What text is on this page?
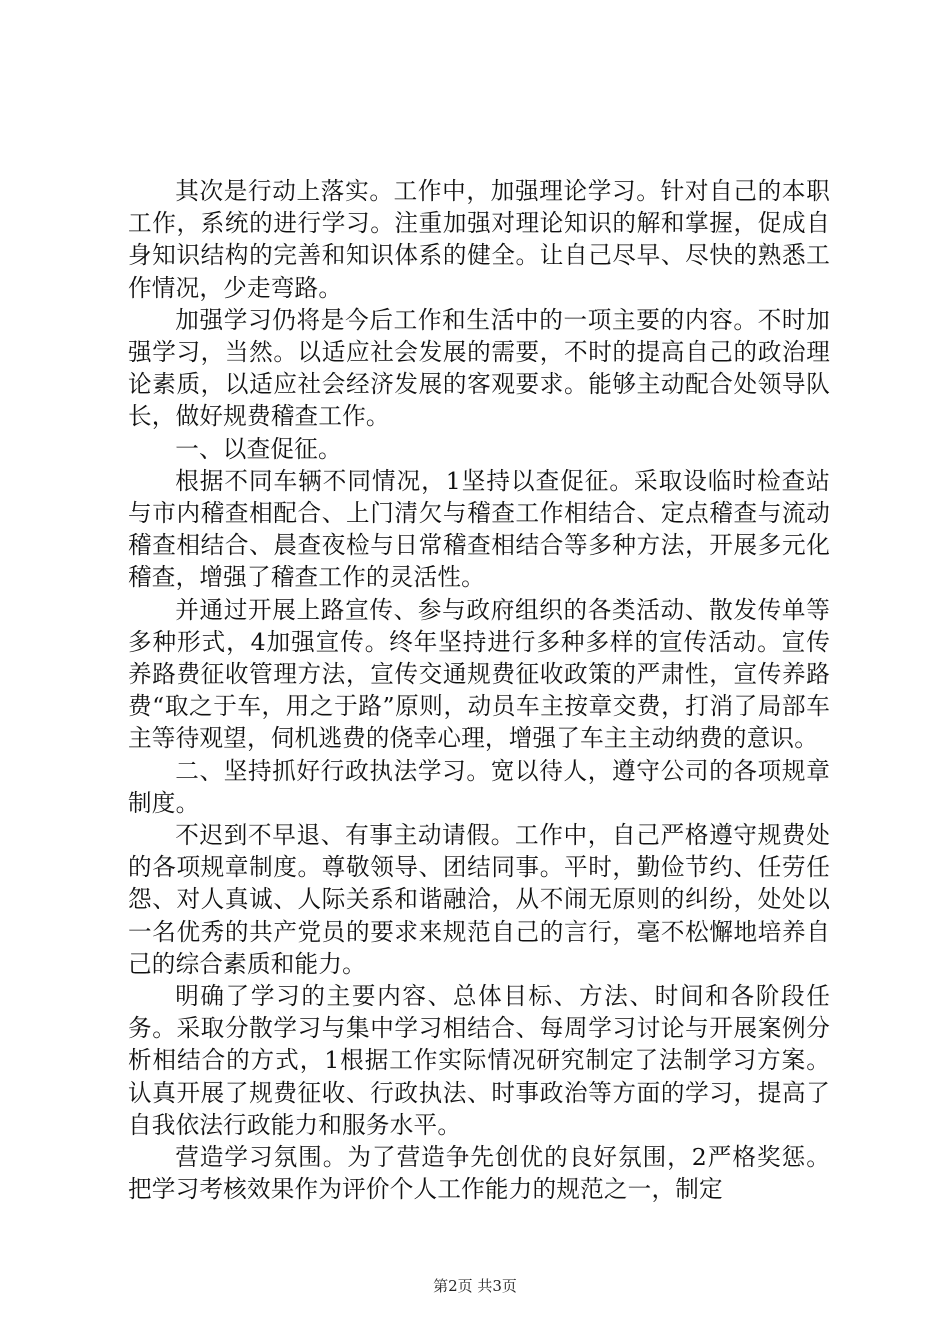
其次是行动上落实。工作中，加强理论学习。针对自己的本职工作，系统的进行学习。注重加强对理论知识的解和掌握，促成自身知识结构的完善和知识体系的健全。让自己尽早、尽快的熟悉工作情况，少走弯路。

加强学习仍将是今后工作和生活中的一项主要的内容。不时加强学习，当然。以适应社会发展的需要，不时的提高自己的政治理论素质，以适应社会经济发展的客观要求。能够主动配合处领导队长，做好规费稽查工作。

一、以查促征。

根据不同车辆不同情况，1坚持以查促征。采取设临时检查站与市内稽查相配合、上门清欠与稽查工作相结合、定点稽查与流动稽查相结合、晨查夜检与日常稽查相结合等多种方法，开展多元化稽查，增强了稽查工作的灵活性。

并通过开展上路宣传、参与政府组织的各类活动、散发传单等多种形式，4加强宣传。终年坚持进行多种多样的宣传活动。宣传养路费征收管理方法，宣传交通规费征收政策的严肃性，宣传养路费“取之于车，用之于路”原则，动员车主按章交费，打消了局部车主等待观望，伺机逃费的侥幸心理，增强了车主主动纳费的意识。

二、坚持抓好行政执法学习。宽以待人，遵守公司的各项规章制度。

不迟到不早退、有事主动请假。工作中，自己严格遵守规费处的各项规章制度。尊敬领导、团结同事。平时，勤俭节约、任劳任怨、对人真诚、人际关系和谐融洽，从不闹无原则的纠纷，处处以一名优秀的共产党员的要求来规范自己的言行，毫不松懈地培养自己的综合素质和能力。

明确了学习的主要内容、总体目标、方法、时间和各阶段任务。采取分散学习与集中学习相结合、每周学习讨论与开展案例分析相结合的方式，1根据工作实际情况研究制定了法制学习方案。认真开展了规费征收、行政执法、时事政治等方面的学习，提高了自我依法行政能力和服务水平。

营造学习氛围。为了营造争先创优的良好氛围，2严格奖惩。把学习考核效果作为评价个人工作能力的规范之一，制定

第2页 共3页
